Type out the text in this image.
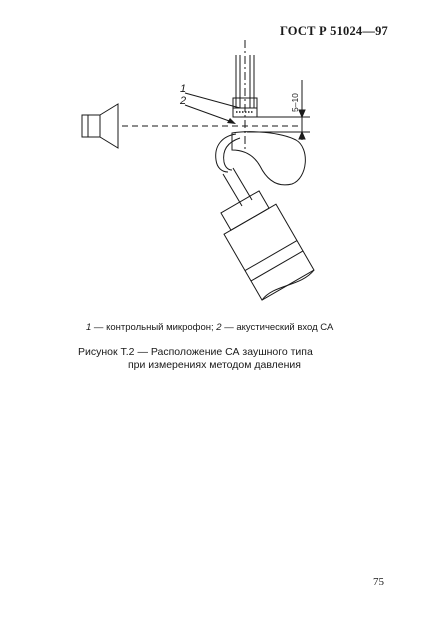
ГОСТ Р 51024—97
1
2	5–10
1 — контрольный микрофон; 2 — акустический вход СА
Рисунок Т.2 — Расположение СА заушного типа
при измерениях методом давления
75
